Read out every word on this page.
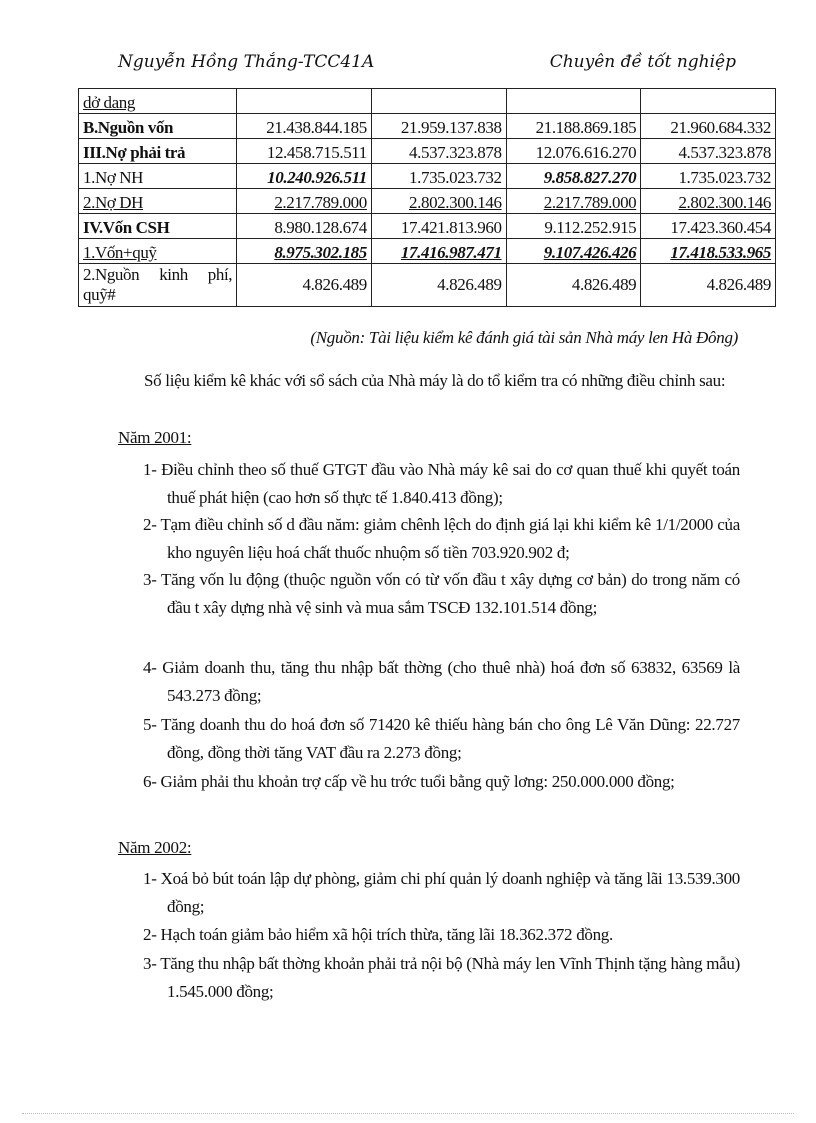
Nguyễn Hồng Thắng-TCC41A	Chuyên đề tốt nghiệp
dở dang				
B.Nguồn vốn	21.438.844.185	21.959.137.838	21.188.869.185	21.960.684.332
III.Nợ phải trả	12.458.715.511	4.537.323.878	12.076.616.270	4.537.323.878
1.Nợ NH	10.240.926.511	1.735.023.732	9.858.827.270	1.735.023.732
2.Nợ DH	2.217.789.000	2.802.300.146	2.217.789.000	2.802.300.146
IV.Vốn CSH	8.980.128.674	17.421.813.960	9.112.252.915	17.423.360.454
1.Vốn+quỹ	8.975.302.185	17.416.987.471	9.107.426.426	17.418.533.965
2.Nguồn kinh phí, quỹ#	4.826.489	4.826.489	4.826.489	4.826.489
(Nguồn: Tài liệu kiểm kê đánh giá tài sản Nhà máy len Hà Đông)
Số liệu kiểm kê khác với sổ sách của Nhà máy là do tổ kiểm tra có những điều chỉnh sau:
Năm 2001:
1- Điều chỉnh theo số thuế GTGT đầu vào Nhà máy kê sai do cơ quan thuế khi quyết toán thuế phát hiện (cao hơn số thực tế 1.840.413 đồng);
2- Tạm điều chỉnh số d đầu năm: giảm chênh lệch do định giá lại khi kiểm kê 1/1/2000 của kho nguyên liệu hoá chất thuốc nhuộm số tiền 703.920.902 đ;
3- Tăng vốn lu động (thuộc nguồn vốn có từ vốn đầu t xây dựng cơ bản) do trong năm có đầu t xây dựng nhà vệ sinh và mua sắm TSCĐ 132.101.514 đồng;
4- Giảm doanh thu, tăng thu nhập bất thờng (cho thuê nhà) hoá đơn số 63832, 63569 là 543.273 đồng;
5- Tăng doanh thu do hoá đơn số 71420 kê thiếu hàng bán cho ông Lê Văn Dũng: 22.727 đồng, đồng thời tăng VAT đầu ra 2.273 đồng;
6- Giảm phải thu khoản trợ cấp về hu trớc tuổi bằng quỹ lơng: 250.000.000 đồng;
Năm 2002:
1- Xoá bỏ bút toán lập dự phòng, giảm chi phí quản lý doanh nghiệp và tăng lãi 13.539.300 đồng;
2- Hạch toán giảm bảo hiểm xã hội trích thừa, tăng lãi 18.362.372 đồng.
3- Tăng thu nhập bất thờng khoản phải trả nội bộ (Nhà máy len Vĩnh Thịnh tặng hàng mẫu) 1.545.000 đồng;
